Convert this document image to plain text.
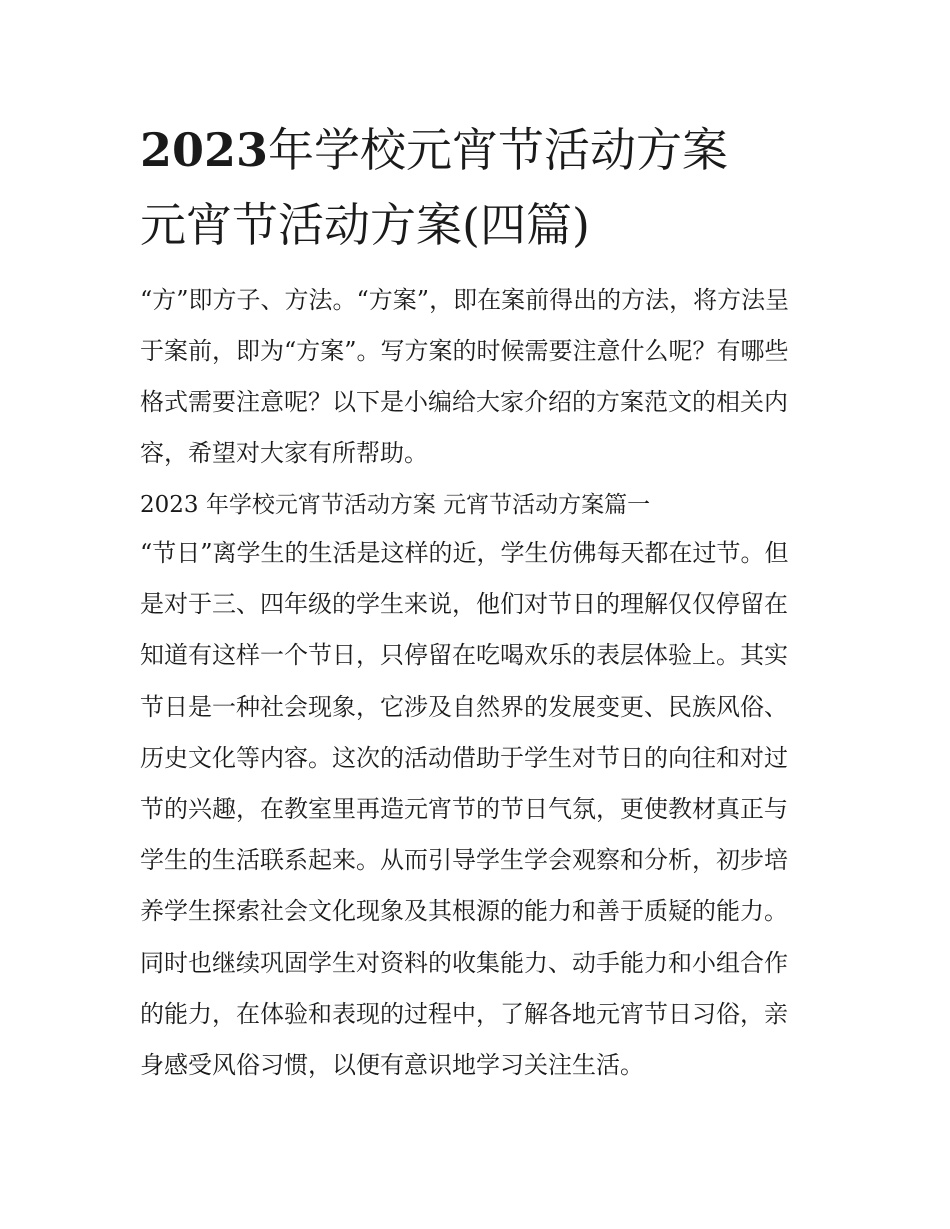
2023年学校元宵节活动方案
元宵节活动方案(四篇)
“方”即方子、方法。“方案”，即在案前得出的方法，将方法呈
于案前，即为“方案”。写方案的时候需要注意什么呢？有哪些
格式需要注意呢？以下是小编给大家介绍的方案范文的相关内
容，希望对大家有所帮助。
2023 年学校元宵节活动方案 元宵节活动方案篇一
“节日”离学生的生活是这样的近，学生仿佛每天都在过节。但
是对于三、四年级的学生来说，他们对节日的理解仅仅停留在
知道有这样一个节日，只停留在吃喝欢乐的表层体验上。其实
节日是一种社会现象，它涉及自然界的发展变更、民族风俗、
历史文化等内容。这次的活动借助于学生对节日的向往和对过
节的兴趣，在教室里再造元宵节的节日气氛，更使教材真正与
学生的生活联系起来。从而引导学生学会观察和分析，初步培
养学生探索社会文化现象及其根源的能力和善于质疑的能力。
同时也继续巩固学生对资料的收集能力、动手能力和小组合作
的能力，在体验和表现的过程中，了解各地元宵节日习俗，亲
身感受风俗习惯，以便有意识地学习关注生活。
